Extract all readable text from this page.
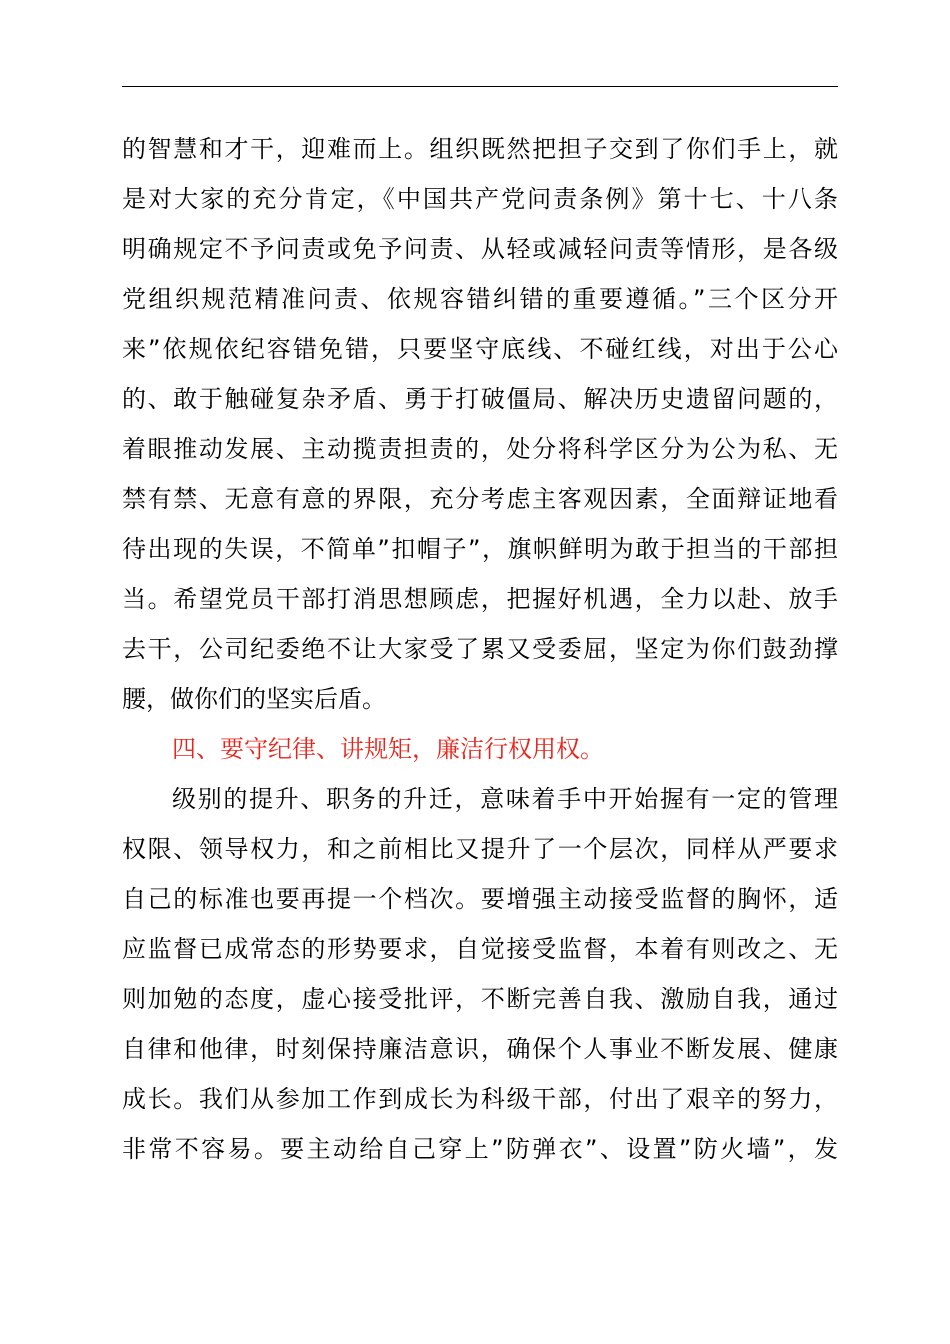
的智慧和才干，迎难而上。组织既然把担子交到了你们手上，就
是对大家的充分肯定，《中国共产党问责条例》第十七、十八条
明确规定不予问责或免予问责、从轻或减轻问责等情形，是各级
党组织规范精准问责、依规容错纠错的重要遵循。”三个区分开
来”依规依纪容错免错，只要坚守底线、不碰红线，对出于公心
的、敢于触碰复杂矛盾、勇于打破僵局、解决历史遗留问题的，
着眼推动发展、主动揽责担责的，处分将科学区分为公为私、无
禁有禁、无意有意的界限，充分考虑主客观因素，全面辩证地看
待出现的失误，不简单”扣帽子”，旗帜鲜明为敢于担当的干部担
当。希望党员干部打消思想顾虑，把握好机遇，全力以赴、放手
去干，公司纪委绝不让大家受了累又受委屈，坚定为你们鼓劲撑
腰，做你们的坚实后盾。
四、要守纪律、讲规矩，廉洁行权用权。
级别的提升、职务的升迁，意味着手中开始握有一定的管理
权限、领导权力，和之前相比又提升了一个层次，同样从严要求
自己的标准也要再提一个档次。要增强主动接受监督的胸怀，适
应监督已成常态的形势要求，自觉接受监督，本着有则改之、无
则加勉的态度，虚心接受批评，不断完善自我、激励自我，通过
自律和他律，时刻保持廉洁意识，确保个人事业不断发展、健康
成长。我们从参加工作到成长为科级干部，付出了艰辛的努力，
非常不容易。要主动给自己穿上”防弹衣”、设置”防火墙”，发
